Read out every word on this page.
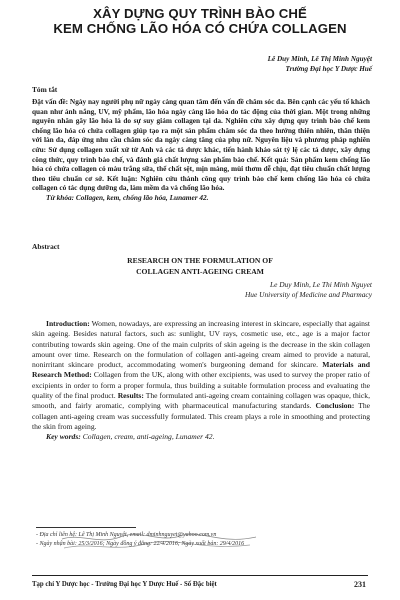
XÂY DỰNG QUY TRÌNH BÀO CHẾ
KEM CHỐNG LÃO HÓA CÓ CHỨA COLLAGEN
Lê Duy Minh, Lê Thị Minh Nguyệt
Trường Đại học Y Dược Huế
Tóm tắt
Đặt vấn đề: Ngày nay người phụ nữ ngày càng quan tâm đến vấn đề chăm sóc da. Bên cạnh các yếu tố khách quan như ánh nắng, UV, mỹ phẩm, lão hóa ngày càng lão hóa do tác động của thời gian. Một trong những nguyên nhân gây lão hóa là do sự suy giảm collagen tại da. Nghiên cứu xây dựng quy trình bào chế kem chống lão hóa có chứa collagen giúp tạo ra một sản phẩm chăm sóc da theo hướng thiên nhiên, thân thiện với làn da, đáp ứng nhu cầu chăm sóc da ngày càng tăng của phụ nữ. Nguyên liệu và phương pháp nghiên cứu: Sử dụng collagen xuất xứ từ Anh và các tá dược khác, tiến hành khảo sát tỷ lệ các tá dược, xây dựng công thức, quy trình bào chế, và đánh giá chất lượng sản phẩm bào chế. Kết quả: Sản phẩm kem chống lão hóa có chứa collagen có màu trắng sữa, thể chất sệt, mịn màng, mùi thơm dễ chịu, đạt tiêu chuẩn chất lượng theo tiêu chuẩn cơ sở. Kết luận: Nghiên cứu thành công quy trình bào chế kem chống lão hóa có chứa collagen có tác dụng dưỡng da, làm mềm da và chống lão hóa.
Từ khóa: Collagen, kem, chống lão hóa, Lunamer 42.
Abstract
RESEARCH ON THE FORMULATION OF
COLLAGEN ANTI-AGEING CREAM
Le Duy Minh, Le Thi Minh Nguyet
Hue University of Medicine and Pharmacy

Introduction: Women, nowadays, are expressing an increasing interest in skincare, especially that against skin ageing. Besides natural factors, such as: sunlight, UV rays, cosmetic use, etc., age is a major factor contributing towards skin ageing. One of the main culprits of skin ageing is the decrease in the skin collagen amount over time. Research on the formulation of collagen anti-ageing cream aimed to provide a natural, nonirritant skincare product, accommodating women's burgeoning demand for skincare. Materials and Research Method: Collagen from the UK, along with other excipients, was used to survey the proper ratio of excipients in order to form a proper formula, thus building a suitable formulation process and evaluating the quality of the final product. Results: The formulated anti-ageing cream containing collagen was opaque, thick, smooth, and fairly aromatic, complying with pharmaceutical manufacturing standards. Conclusion: The collagen anti-ageing cream was successfully formulated. This cream plays a role in smoothing and protecting the skin from ageing.

Key words: Collagen, cream, anti-ageing, Lunamer 42.

- Địa chỉ liên hệ: Lê Thị Minh Nguyệt, email: dminhnguyet@yahoo.com.vn
- Ngày nhận bài: 25/3/2016; Ngày đồng ý đăng: 22/4/2016; Ngày xuất bản: 29/4/2016
Tạp chí Y Dược học - Trường Đại học Y Dược Huế - Số Đặc biệt	231
